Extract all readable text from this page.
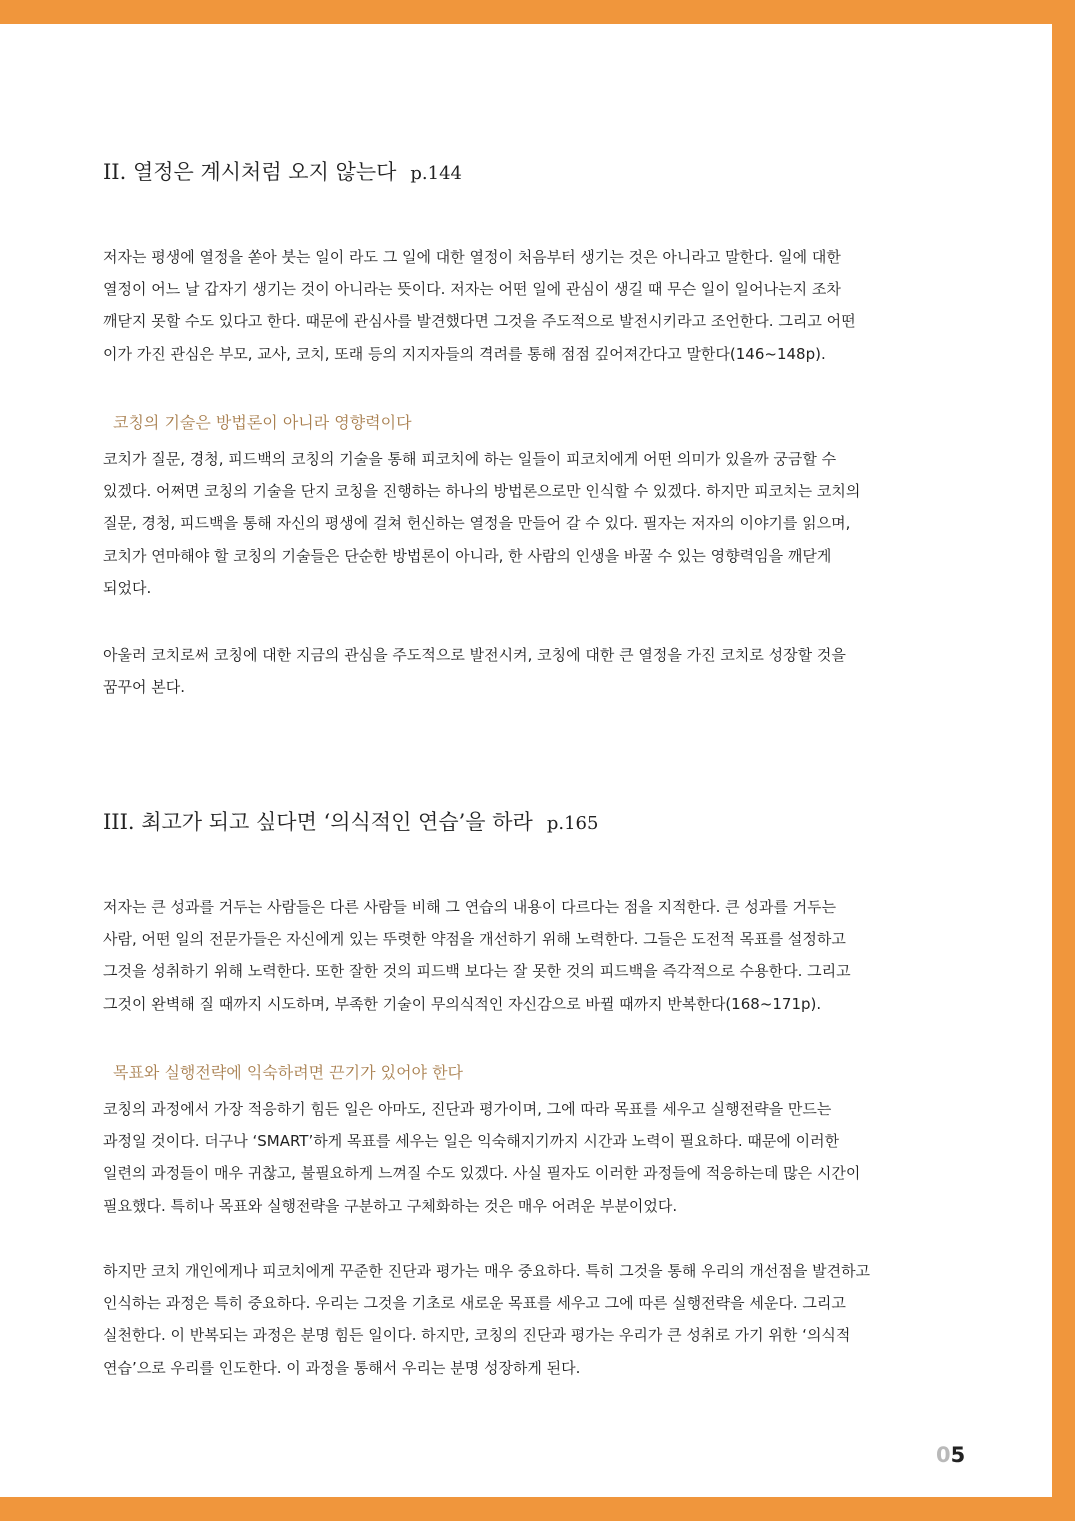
II. 열정은 계시처럼 오지 않는다 p.144

저자는 평생에 열정을 쏟아 붓는 일이 라도 그 일에 대한 열정이 처음부터 생기는 것은 아니라고 말한다. 일에 대한
열정이 어느 날 갑자기 생기는 것이 아니라는 뜻이다. 저자는 어떤 일에 관심이 생길 때 무슨 일이 일어나는지 조차
깨닫지 못할 수도 있다고 한다. 때문에 관심사를 발견했다면 그것을 주도적으로 발전시키라고 조언한다. 그리고 어떤
이가 가진 관심은 부모, 교사, 코치, 또래 등의 지지자들의 격려를 통해 점점 깊어져간다고 말한다(146~148p).

코칭의 기술은 방법론이 아니라 영향력이다

코치가 질문, 경청, 피드백의 코칭의 기술을 통해 피코치에 하는 일들이 피코치에게 어떤 의미가 있을까 궁금할 수
있겠다. 어쩌면 코칭의 기술을 단지 코칭을 진행하는 하나의 방법론으로만 인식할 수 있겠다. 하지만 피코치는 코치의
질문, 경청, 피드백을 통해 자신의 평생에 걸쳐 헌신하는 열정을 만들어 갈 수 있다. 필자는 저자의 이야기를 읽으며,
코치가 연마해야 할 코칭의 기술들은 단순한 방법론이 아니라, 한 사람의 인생을 바꿀 수 있는 영향력임을 깨닫게
되었다.

아울러 코치로써 코칭에 대한 지금의 관심을 주도적으로 발전시켜, 코칭에 대한 큰 열정을 가진 코치로 성장할 것을
꿈꾸어 본다.

III. 최고가 되고 싶다면 ‘의식적인 연습’을 하라 p.165

저자는 큰 성과를 거두는 사람들은 다른 사람들 비해 그 연습의 내용이 다르다는 점을 지적한다. 큰 성과를 거두는
사람, 어떤 일의 전문가들은 자신에게 있는 뚜렷한 약점을 개선하기 위해 노력한다. 그들은 도전적 목표를 설정하고
그것을 성취하기 위해 노력한다. 또한 잘한 것의 피드백 보다는 잘 못한 것의 피드백을 즉각적으로 수용한다. 그리고
그것이 완벽해 질 때까지 시도하며, 부족한 기술이 무의식적인 자신감으로 바뀔 때까지 반복한다(168~171p).

목표와 실행전략에 익숙하려면 끈기가 있어야 한다

코칭의 과정에서 가장 적응하기 힘든 일은 아마도, 진단과 평가이며, 그에 따라 목표를 세우고 실행전략을 만드는
과정일 것이다. 더구나 ‘SMART’하게 목표를 세우는 일은 익숙해지기까지 시간과 노력이 필요하다. 때문에 이러한
일련의 과정들이 매우 귀찮고, 불필요하게 느껴질 수도 있겠다. 사실 필자도 이러한 과정들에 적응하는데 많은 시간이
필요했다. 특히나 목표와 실행전략을 구분하고 구체화하는 것은 매우 어려운 부분이었다.

하지만 코치 개인에게나 피코치에게 꾸준한 진단과 평가는 매우 중요하다. 특히 그것을 통해 우리의 개선점을 발견하고
인식하는 과정은 특히 중요하다. 우리는 그것을 기초로 새로운 목표를 세우고 그에 따른 실행전략을 세운다. 그리고
실천한다. 이 반복되는 과정은 분명 힘든 일이다. 하지만, 코칭의 진단과 평가는 우리가 큰 성취로 가기 위한 ‘의식적
연습’으로 우리를 인도한다. 이 과정을 통해서 우리는 분명 성장하게 된다.

05
